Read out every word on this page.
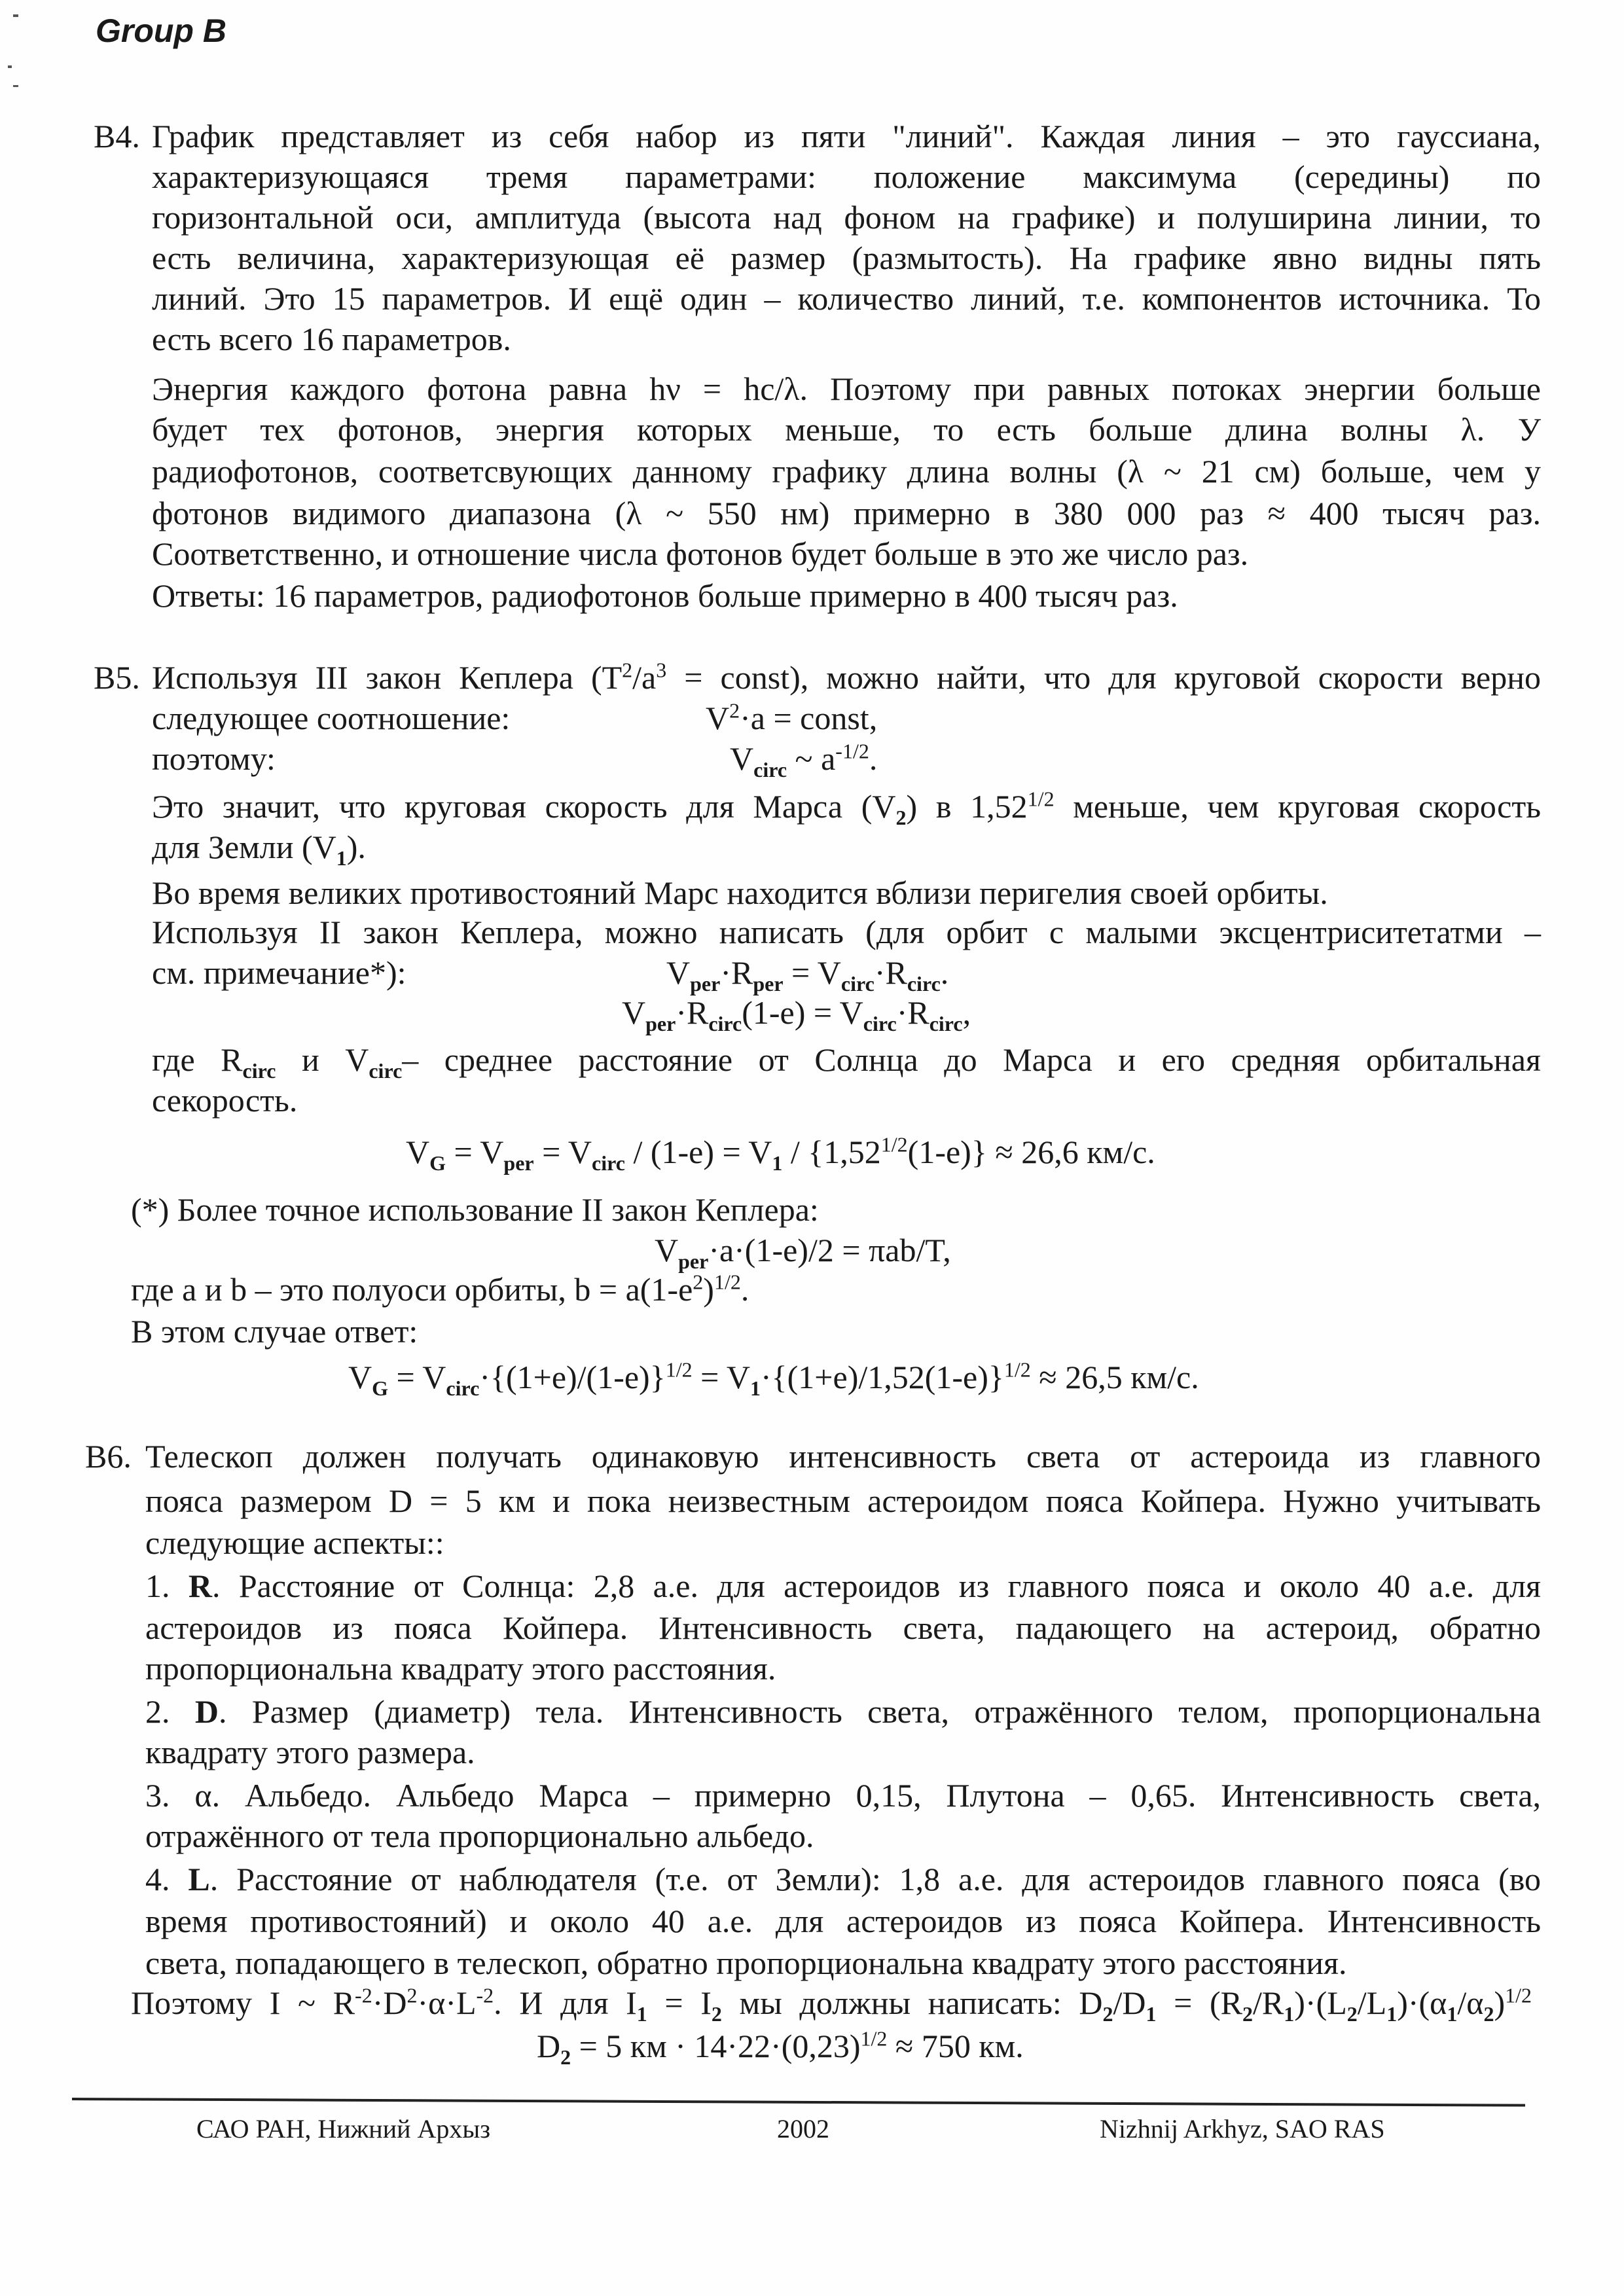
Group B
B4. График представляет из себя набор из пяти "линий". Каждая линия – это гауссиана,
характеризующаяся тремя параметрами: положение максимума (середины) по
горизонтальной оси, амплитуда (высота над фоном на графике) и полуширина линии, то
есть величина, характеризующая её размер (размытость). На графике явно видны пять
линий. Это 15 параметров. И ещё один – количество линий, т.е. компонентов источника. То
есть всего 16 параметров.
Энергия каждого фотона равна hν = hc/λ. Поэтому при равных потоках энергии больше
будет тех фотонов, энергия которых меньше, то есть больше длина волны λ. У
радиофотонов, соответсвующих данному графику длина волны (λ ~ 21 см) больше, чем у
фотонов видимого диапазона (λ ~ 550 нм) примерно в 380 000 раз ≈ 400 тысяч раз.
Соответственно, и отношение числа фотонов будет больше в это же число раз.
Ответы: 16 параметров, радиофотонов больше примерно в 400 тысяч раз.
B5. Используя III закон Кеплера ($T^2/a^3$ = const), можно найти, что для круговой скорости верно
следующее соотношение:	$V^2\cdot a$ = const,
поэтому:	$V_{circ}$ ~ $a^{-1/2}$.
Это значит, что круговая скорость для Марса $(V_2)$ в $1,52^{1/2}$ меньше, чем круговая скорость
для Земли $(V_1)$.
Во время великих противостояний Марс находится вблизи перигелия своей орбиты.
Используя II закон Кеплера, можно написать (для орбит с малыми эксцентриситетатми –
см. примечание*):	$V_{per}\cdot R_{per} = V_{circ}\cdot R_{circ}$.
$V_{per}\cdot R_{circ}(1-e) = V_{circ}\cdot R_{circ}$,
где $R_{circ}$ и $V_{circ}-$ среднее расстояние от Солнца до Марса и его средняя орбитальная
секорость.
$V_G = V_{per} = V_{circ} / (1-e) = V_1 / \{1,52^{1/2}(1-e)\} \approx 26,6$ км/с.
(*) Более точное использование II закон Кеплера:
$V_{per}\cdot a\cdot(1-e)/2 = \pi ab/T$,
где a и b – это полуоси орбиты, $b = a(1-e^2)^{1/2}$.
В этом случае ответ:
$V_G = V_{circ}\cdot\{(1+e)/(1-e)\}^{1/2} = V_1\cdot\{(1+e)/1,52(1-e)\}^{1/2} \approx 26,5$ км/с.
B6. Телескоп должен получать одинаковую интенсивность света от астероида из главного
пояса размером D = 5 км и пока неизвестным астероидом пояса Койпера. Нужно учитывать
следующие аспекты::
1. R. Расстояние от Солнца: 2,8 а.е. для астероидов из главного пояса и около 40 а.е. для
астероидов из пояса Койпера. Интенсивность света, падающего на астероид, обратно
пропорциональна квадрату этого расстояния.
2. D. Размер (диаметр) тела. Интенсивность света, отражённого телом, пропорциональна
квадрату этого размера.
3. α. Альбедо. Альбедо Марса – примерно 0,15, Плутона – 0,65. Интенсивность света,
отражённого от тела пропорционально альбедо.
4. L. Расстояние от наблюдателя (т.е. от Земли): 1,8 а.е. для астероидов главного пояса (во
время противостояний) и около 40 а.е. для астероидов из пояса Койпера. Интенсивность
света, попадающего в телескоп, обратно пропорциональна квадрату этого расстояния.
Поэтому I ~ $R^{-2}\cdot D^2\cdot\alpha\cdot L^{-2}$. И для $I_1 = I_2$ мы должны написать: $D_2/D_1 = (R_2/R_1)\cdot(L_2/L_1)\cdot(\alpha_1/\alpha_2)^{1/2}$
$D_2 = 5$ км · $14\cdot 22\cdot(0,23)^{1/2} \approx 750$ км.
САО РАН, Нижний Архыз	2002	Nizhnij Arkhyz, SAO RAS
